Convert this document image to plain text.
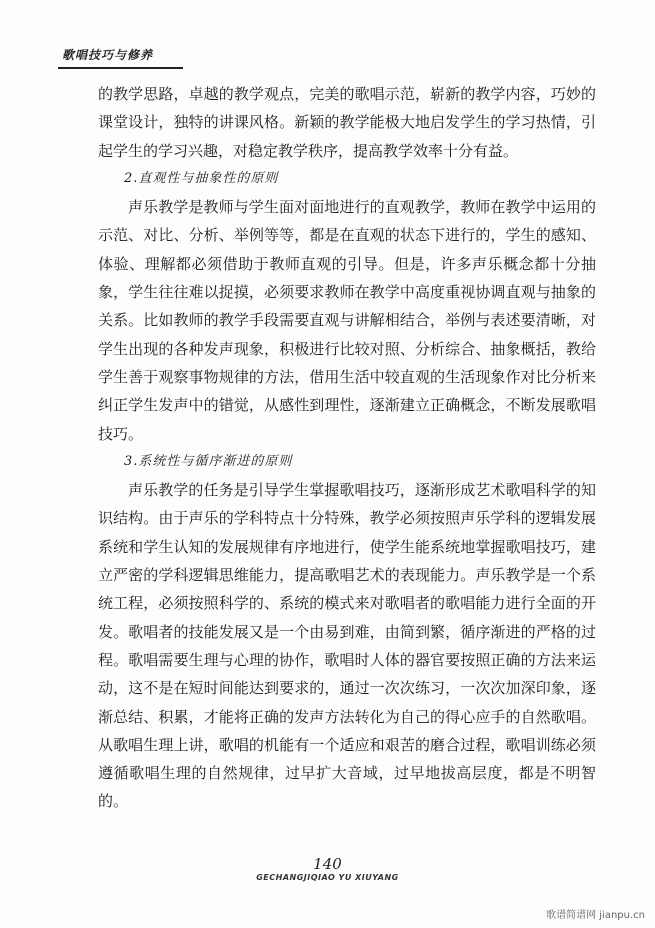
歌唱技巧与修养

的教学思路，卓越的教学观点，完美的歌唱示范，崭新的教学内容，巧妙的课堂设计，独特的讲课风格。新颖的教学能极大地启发学生的学习热情，引起学生的学习兴趣，对稳定教学秩序，提高教学效率十分有益。

2.直观性与抽象性的原则

声乐教学是教师与学生面对面地进行的直观教学，教师在教学中运用的示范、对比、分析、举例等等，都是在直观的状态下进行的，学生的感知、体验、理解都必须借助于教师直观的引导。但是，许多声乐概念都十分抽象，学生往往难以捉摸，必须要求教师在教学中高度重视协调直观与抽象的关系。比如教师的教学手段需要直观与讲解相结合，举例与表述要清晰，对学生出现的各种发声现象，积极进行比较对照、分析综合、抽象概括，教给学生善于观察事物规律的方法，借用生活中较直观的生活现象作对比分析来纠正学生发声中的错觉，从感性到理性，逐渐建立正确概念，不断发展歌唱技巧。

3.系统性与循序渐进的原则

声乐教学的任务是引导学生掌握歌唱技巧，逐渐形成艺术歌唱科学的知识结构。由于声乐的学科特点十分特殊，教学必须按照声乐学科的逻辑发展系统和学生认知的发展规律有序地进行，使学生能系统地掌握歌唱技巧，建立严密的学科逻辑思维能力，提高歌唱艺术的表现能力。声乐教学是一个系统工程，必须按照科学的、系统的模式来对歌唱者的歌唱能力进行全面的开发。歌唱者的技能发展又是一个由易到难，由简到繁，循序渐进的严格的过程。歌唱需要生理与心理的协作，歌唱时人体的器官要按照正确的方法来运动，这不是在短时间能达到要求的，通过一次次练习，一次次加深印象，逐渐总结、积累，才能将正确的发声方法转化为自己的得心应手的自然歌唱。从歌唱生理上讲，歌唱的机能有一个适应和艰苦的磨合过程，歌唱训练必须遵循歌唱生理的自然规律，过早扩大音域，过早地拔高层度，都是不明智的。

140
GECHANGJIQIAO YU XIUYANG
歌谱简谱网 jianpu.cn
